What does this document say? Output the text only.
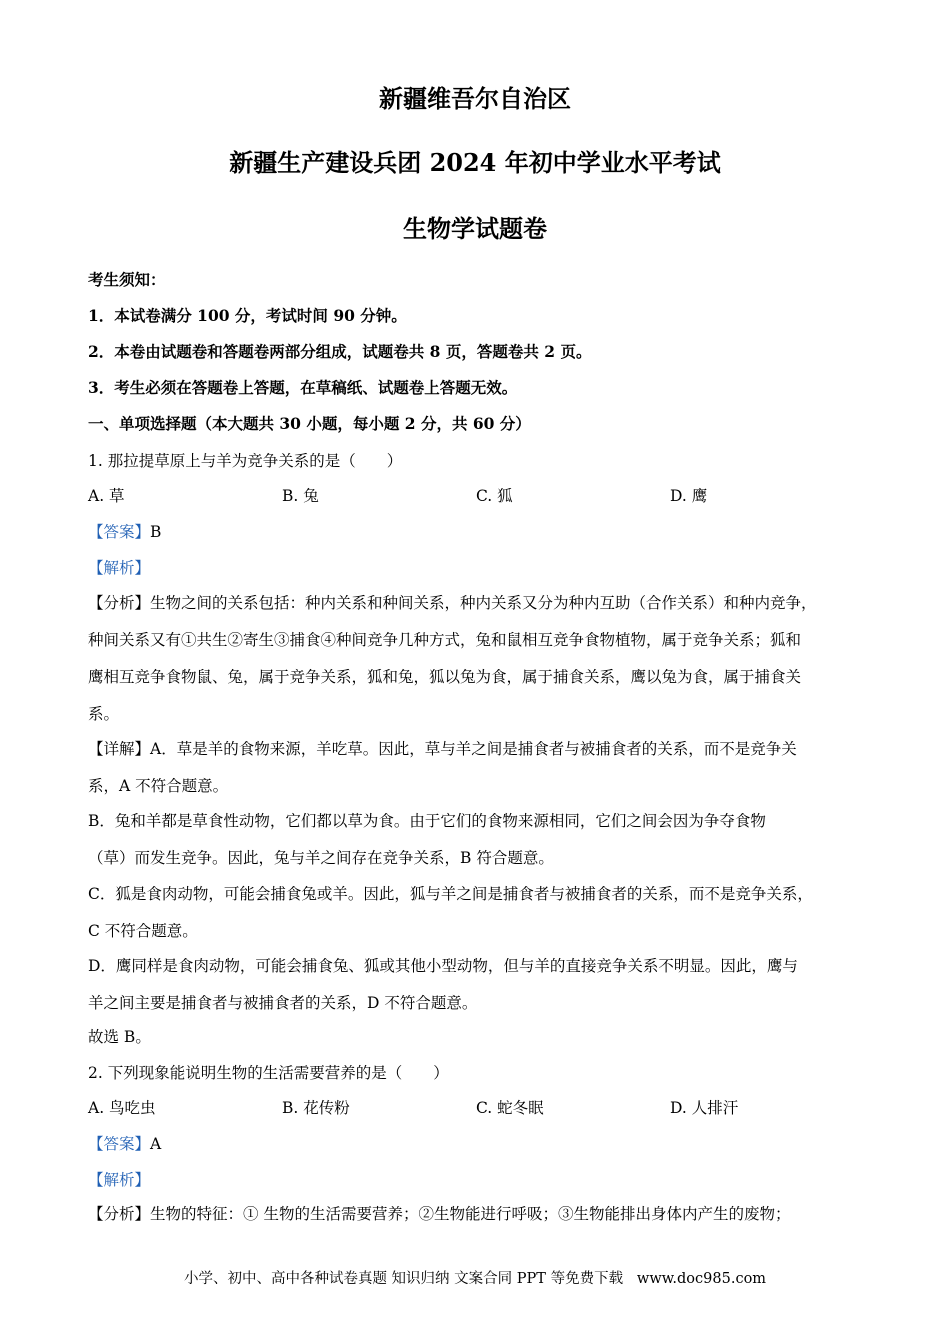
新疆维吾尔自治区
新疆生产建设兵团 2024 年初中学业水平考试
生物学试题卷
考生须知：
1．本试卷满分 100 分，考试时间 90 分钟。
2．本卷由试题卷和答题卷两部分组成，试题卷共 8 页，答题卷共 2 页。
3．考生必须在答题卷上答题，在草稿纸、试题卷上答题无效。
一、单项选择题（本大题共 30 小题，每小题 2 分，共 60 分）
1. 那拉提草原上与羊为竞争关系的是（　　）
A. 草	B. 兔	C. 狐	D. 鹰
【答案】B
【解析】
【分析】生物之间的关系包括：种内关系和种间关系，种内关系又分为种内互助（合作关系）和种内竞争，
种间关系又有①共生②寄生③捕食④种间竞争几种方式，兔和鼠相互竞争食物植物，属于竞争关系；狐和
鹰相互竞争食物鼠、兔，属于竞争关系，狐和兔，狐以兔为食，属于捕食关系，鹰以兔为食，属于捕食关
系。
【详解】A．草是羊的食物来源，羊吃草。因此，草与羊之间是捕食者与被捕食者的关系，而不是竞争关
系，A 不符合题意。
B．兔和羊都是草食性动物，它们都以草为食。由于它们的食物来源相同，它们之间会因为争夺食物
（草）而发生竞争。因此，兔与羊之间存在竞争关系，B 符合题意。
C．狐是食肉动物，可能会捕食兔或羊。因此，狐与羊之间是捕食者与被捕食者的关系，而不是竞争关系，
C 不符合题意。
D．鹰同样是食肉动物，可能会捕食兔、狐或其他小型动物，但与羊的直接竞争关系不明显。因此，鹰与
羊之间主要是捕食者与被捕食者的关系，D 不符合题意。
故选 B。
2. 下列现象能说明生物的生活需要营养的是（　　）
A. 鸟吃虫	B. 花传粉	C. 蛇冬眠	D. 人排汗
【答案】A
【解析】
【分析】生物的特征：① 生物的生活需要营养；②生物能进行呼吸；③生物能排出身体内产生的废物；
小学、初中、高中各种试卷真题 知识归纳 文案合同 PPT 等免费下载 www.doc985.com
